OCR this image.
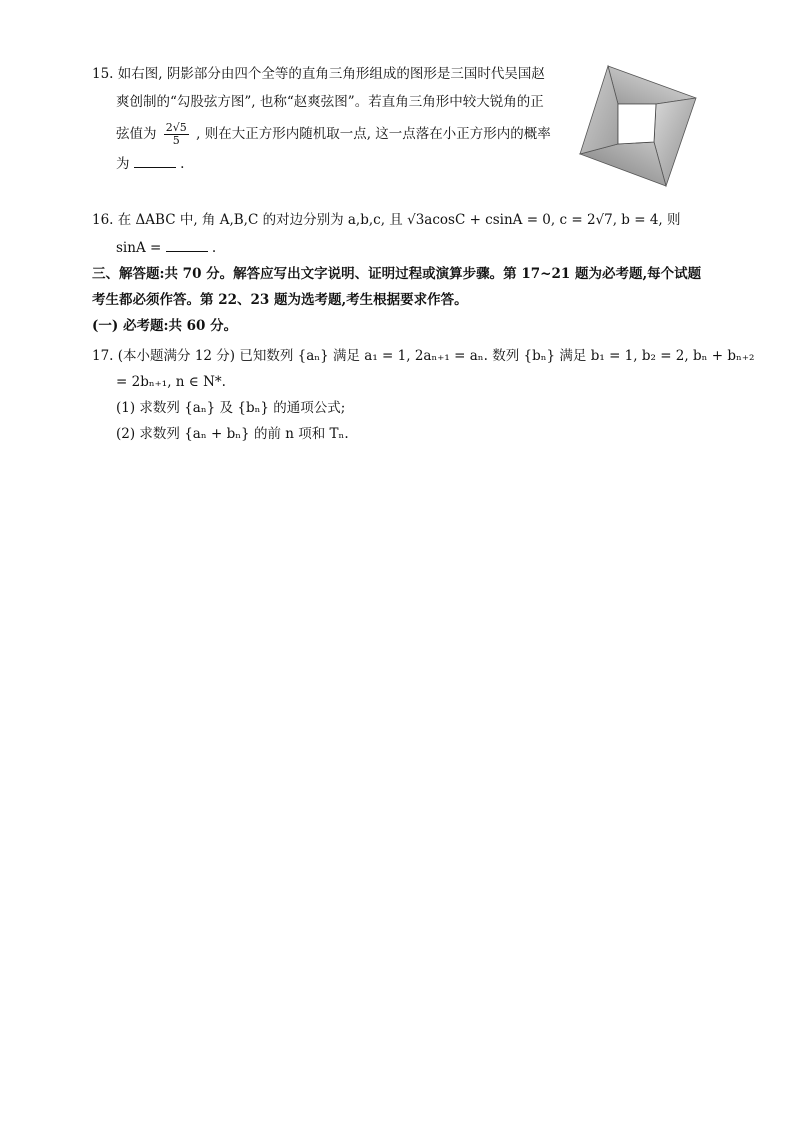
15. 如右图, 阴影部分由四个全等的直角三角形组成的图形是三国时代吴国赵
爽创制的“勾股弦方图”, 也称“赵爽弦图”。若直角三角形中较大锐角的正
弦值为 $\frac{2√5}{5}$ , 则在大正方形内随机取一点, 这一点落在小正方形内的概率
为	.
16. 在 ΔABC 中, 角 A,B,C 的对边分别为 a,b,c, 且 √3acosC + csinA = 0, c = 2√7, b = 4, 则
sinA =	.
三、解答题:共 70 分。解答应写出文字说明、证明过程或演算步骤。第 17~21 题为必考题,每个试题
考生都必须作答。第 22、23 题为选考题,考生根据要求作答。
(一) 必考题:共 60 分。
17. (本小题满分 12 分) 已知数列 {aₙ} 满足 a₁ = 1, 2aₙ₊₁ = aₙ. 数列 {bₙ} 满足 b₁ = 1, b₂ = 2, bₙ + bₙ₊₂
= 2bₙ₊₁, n ∈ N*.
(1) 求数列 {aₙ} 及 {bₙ} 的通项公式;
(2) 求数列 {aₙ + bₙ} 的前 n 项和 Tₙ.
